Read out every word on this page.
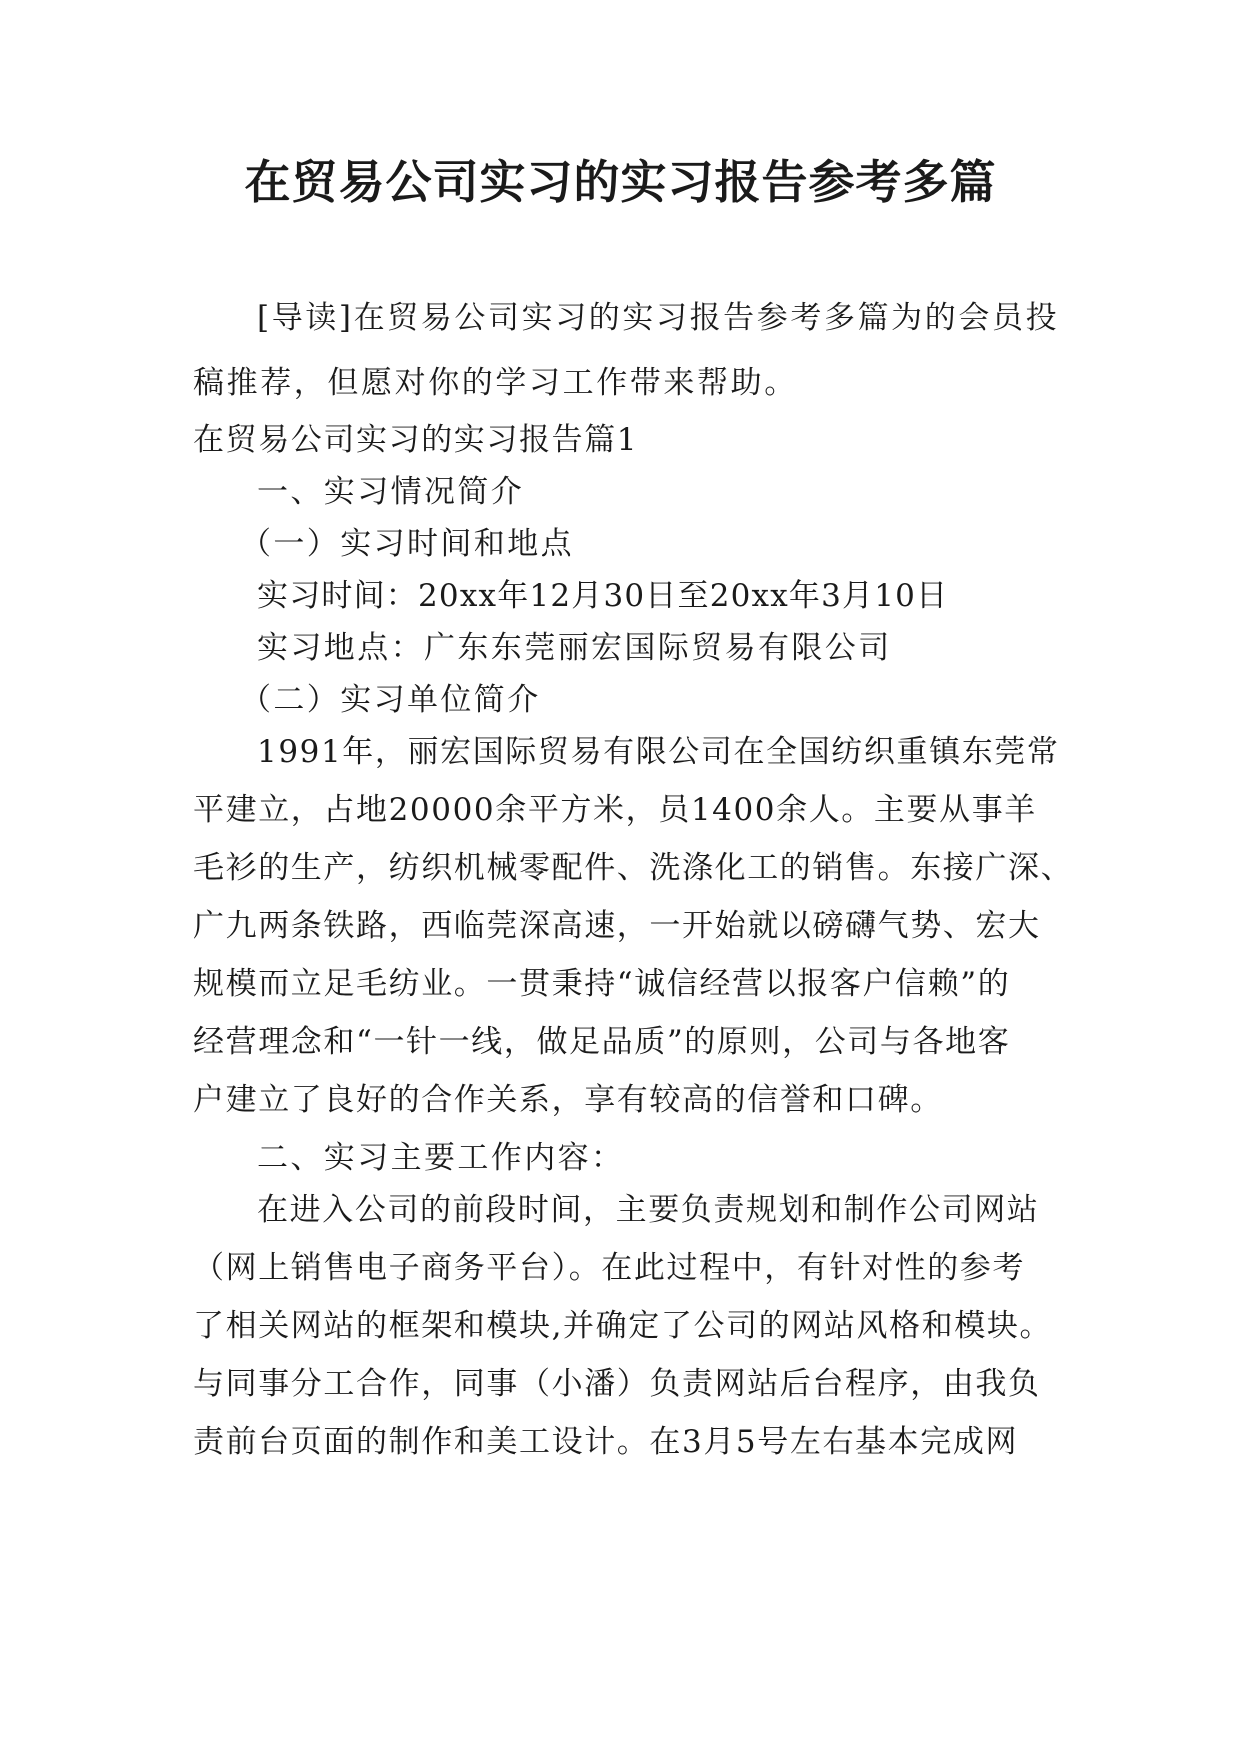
在贸易公司实习的实习报告参考多篇
[导读]在贸易公司实习的实习报告参考多篇为的会员投
稿推荐，但愿对你的学习工作带来帮助。

在贸易公司实习的实习报告篇1

一、实习情况简介

（一）实习时间和地点

实习时间：20xx年12月30日至20xx年3月10日

实习地点：广东东莞丽宏国际贸易有限公司

（二）实习单位简介

1991年，丽宏国际贸易有限公司在全国纺织重镇东莞常
平建立，占地20000余平方米，员1400余人。主要从事羊
毛衫的生产，纺织机械零配件、洗涤化工的销售。东接广深、
广九两条铁路，西临莞深高速，一开始就以磅礴气势、宏大
规模而立足毛纺业。一贯秉持“诚信经营以报客户信赖”的
经营理念和“一针一线，做足品质”的原则，公司与各地客
户建立了良好的合作关系，享有较高的信誉和口碑。

二、实习主要工作内容：

在进入公司的前段时间，主要负责规划和制作公司网站
（网上销售电子商务平台）。在此过程中，有针对性的参考
了相关网站的框架和模块,并确定了公司的网站风格和模块。
与同事分工合作，同事（小潘）负责网站后台程序，由我负
责前台页面的制作和美工设计。在3月5号左右基本完成网
